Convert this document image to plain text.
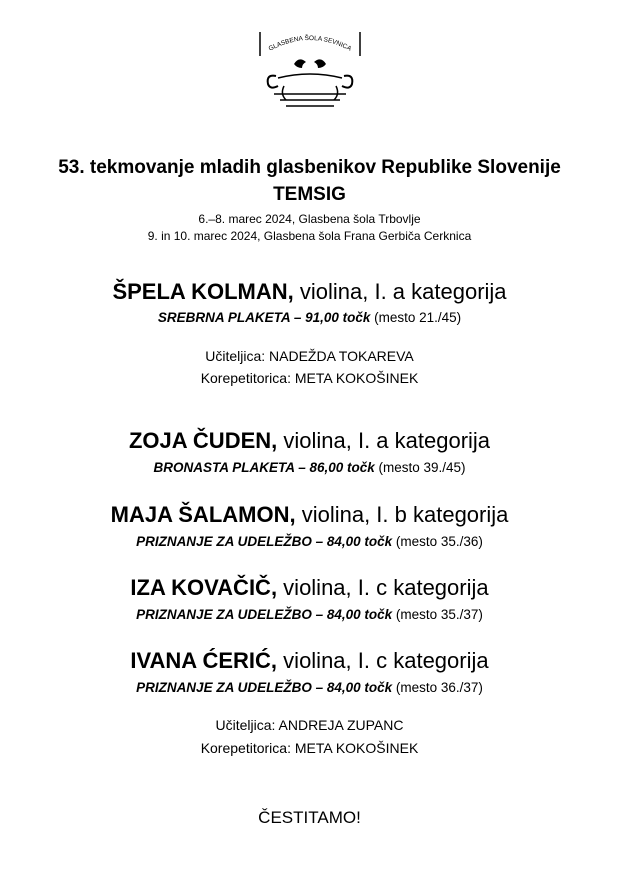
GLASBENA ŠOLA SEVNICA
53. tekmovanje mladih glasbenikov Republike Slovenije
TEMSIG
6.–8. marec 2024, Glasbena šola Trbovlje
9. in 10. marec 2024, Glasbena šola Frana Gerbiča Cerknica
ŠPELA KOLMAN, violina, I. a kategorija
SREBRNA PLAKETA – 91,00 točk (mesto 21./45)
Učiteljica: NADEŽDA TOKAREVA
Korepetitorica: META KOKOŠINEK
ZOJA ČUDEN, violina, I. a kategorija
BRONASTA PLAKETA – 86,00 točk (mesto 39./45)
MAJA ŠALAMON, violina, I. b kategorija
PRIZNANJE ZA UDELEŽBO – 84,00 točk (mesto 35./36)
IZA KOVAČIČ, violina, I. c kategorija
PRIZNANJE ZA UDELEŽBO – 84,00 točk (mesto 35./37)
IVANA ĆERIĆ, violina, I. c kategorija
PRIZNANJE ZA UDELEŽBO – 84,00 točk (mesto 36./37)
Učiteljica: ANDREJA ZUPANC
Korepetitorica: META KOKOŠINEK
ČESTITAMO!
